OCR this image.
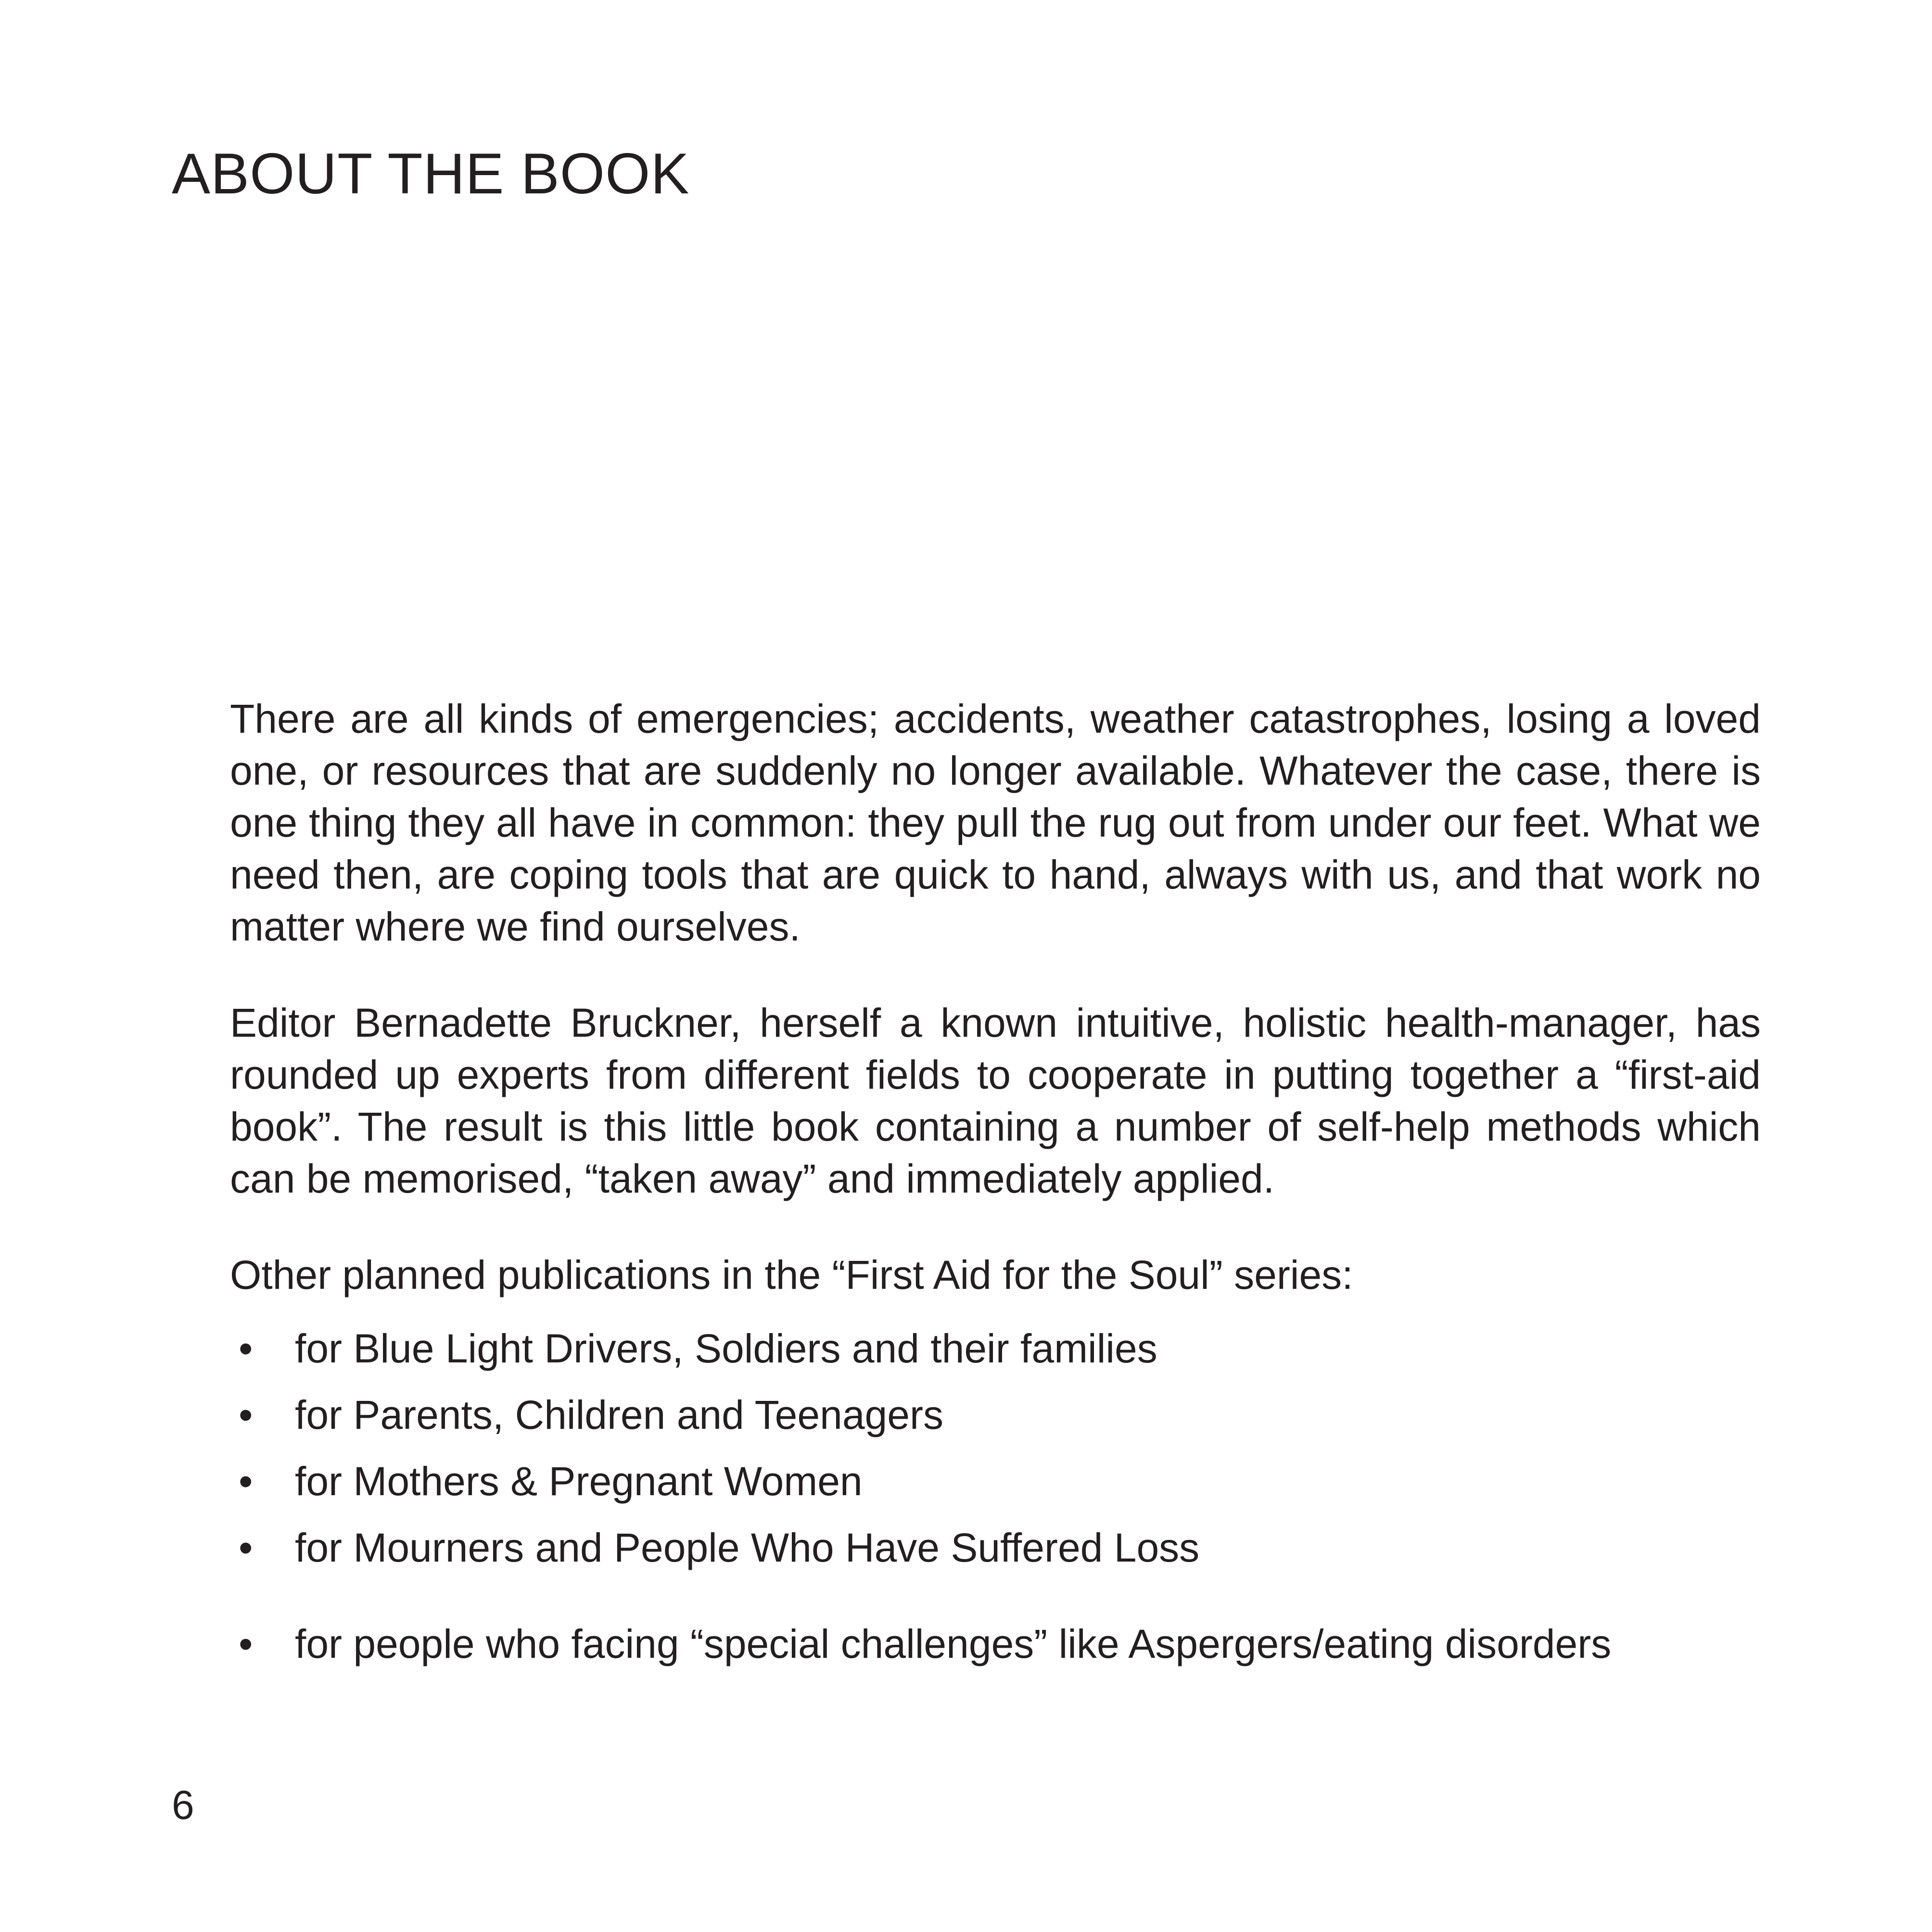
ABOUT THE BOOK

There are all kinds of emergencies; accidents, weather catastrophes, losing a loved one, or resources that are suddenly no longer available. Whatever the case, there is one thing they all have in common: they pull the rug out from under our feet. What we need then, are coping tools that are quick to hand, always with us, and that work no matter where we find ourselves.

Editor Bernadette Bruckner, herself a known intuitive, holistic health-manager, has rounded up experts from different fields to cooperate in putting together a “first-aid book”. The result is this little book containing a number of self-help methods which can be memorised, “taken away” and immediately applied.

Other planned publications in the “First Aid for the Soul” series:

• for Blue Light Drivers, Soldiers and their families
• for Parents, Children and Teenagers
• for Mothers & Pregnant Women
• for Mourners and People Who Have Suffered Loss
• for people who facing “special challenges” like Aspergers/eating disorders
6
